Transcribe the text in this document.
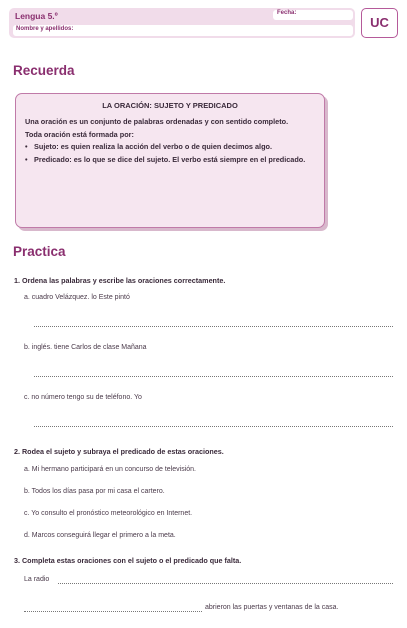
Lengua 5.º	Fecha:
Nombre y apellidos:	UC
Recuerda
LA ORACIÓN: SUJETO Y PREDICADO

Una oración es un conjunto de palabras ordenadas y con sentido completo.

Toda oración está formada por:

• Sujeto: es quien realiza la acción del verbo o de quien decimos algo.

• Predicado: es lo que se dice del sujeto. El verbo está siempre en el predicado.

Practica
1. Ordena las palabras y escribe las oraciones correctamente.
a. cuadro Velázquez. lo Este pintó
b. inglés. tiene Carlos de clase Mañana
c. no número tengo su de teléfono. Yo
2. Rodea el sujeto y subraya el predicado de estas oraciones.
a. Mi hermano participará en un concurso de televisión.
b. Todos los días pasa por mi casa el cartero.
c. Yo consulto el pronóstico meteorológico en Internet.
d. Marcos conseguirá llegar el primero a la meta.
3. Completa estas oraciones con el sujeto o el predicado que falta.
La radio
abrieron las puertas y ventanas de la casa.
